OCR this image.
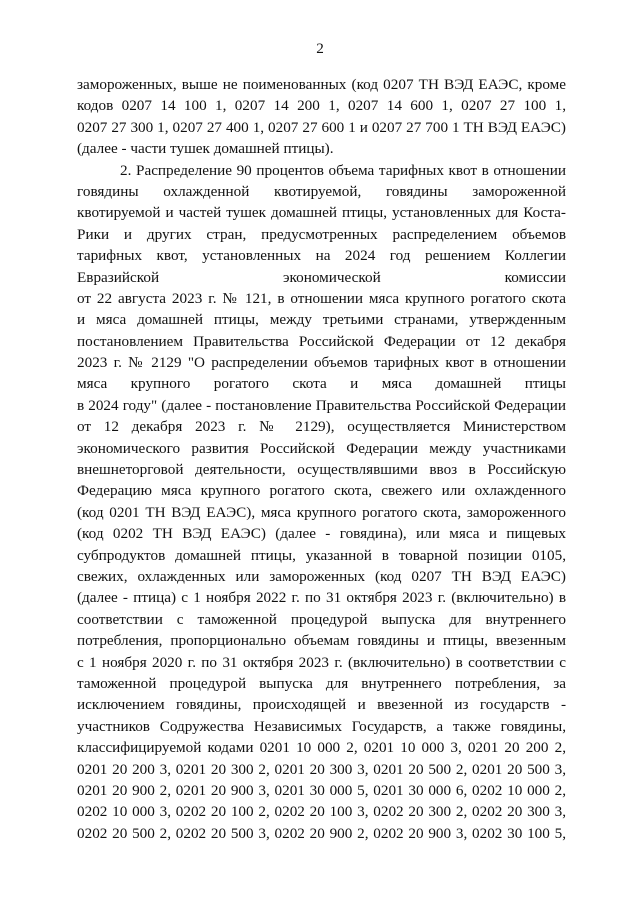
2
замороженных, выше не поименованных (код 0207 ТН ВЭД ЕАЭС, кроме
кодов 0207 14 100 1, 0207 14 200 1, 0207 14 600 1, 0207 27 100 1,
0207 27 300 1, 0207 27 400 1, 0207 27 600 1 и 0207 27 700 1 ТН ВЭД ЕАЭС)
(далее - части тушек домашней птицы).
2. Распределение 90 процентов объема тарифных квот в отношении
говядины охлажденной квотируемой, говядины замороженной
квотируемой и частей тушек домашней птицы, установленных для Коста-
Рики и других стран, предусмотренных распределением объемов
тарифных квот, установленных на 2024 год решением Коллегии
Евразийской экономической комиссии
от 22 августа 2023 г. № 121, в отношении мяса крупного рогатого скота
и мяса домашней птицы, между третьими странами, утвержденным
постановлением Правительства Российской Федерации от 12 декабря
2023 г. № 2129 "О распределении объемов тарифных квот в отношении
мяса крупного рогатого скота и мяса домашней птицы
в 2024 году" (далее - постановление Правительства Российской Федерации
от 12 декабря 2023 г. № 2129), осуществляется Министерством
экономического развития Российской Федерации между участниками
внешнеторговой деятельности, осуществлявшими ввоз в Российскую
Федерацию мяса крупного рогатого скота, свежего или охлажденного
(код 0201 ТН ВЭД ЕАЭС), мяса крупного рогатого скота, замороженного
(код 0202 ТН ВЭД ЕАЭС) (далее - говядина), или мяса и пищевых
субпродуктов домашней птицы, указанной в товарной позиции 0105,
свежих, охлажденных или замороженных (код 0207 ТН ВЭД ЕАЭС)
(далее - птица) с 1 ноября 2022 г. по 31 октября 2023 г. (включительно) в
соответствии с таможенной процедурой выпуска для внутреннего
потребления, пропорционально объемам говядины и птицы, ввезенным
с 1 ноября 2020 г. по 31 октября 2023 г. (включительно) в соответствии с
таможенной процедурой выпуска для внутреннего потребления, за
исключением говядины, происходящей и ввезенной из государств -
участников Содружества Независимых Государств, а также говядины,
классифицируемой кодами 0201 10 000 2, 0201 10 000 3, 0201 20 200 2,
0201 20 200 3, 0201 20 300 2, 0201 20 300 3, 0201 20 500 2, 0201 20 500 3,
0201 20 900 2, 0201 20 900 3, 0201 30 000 5, 0201 30 000 6, 0202 10 000 2,
0202 10 000 3, 0202 20 100 2, 0202 20 100 3, 0202 20 300 2, 0202 20 300 3,
0202 20 500 2, 0202 20 500 3, 0202 20 900 2, 0202 20 900 3, 0202 30 100 5,
